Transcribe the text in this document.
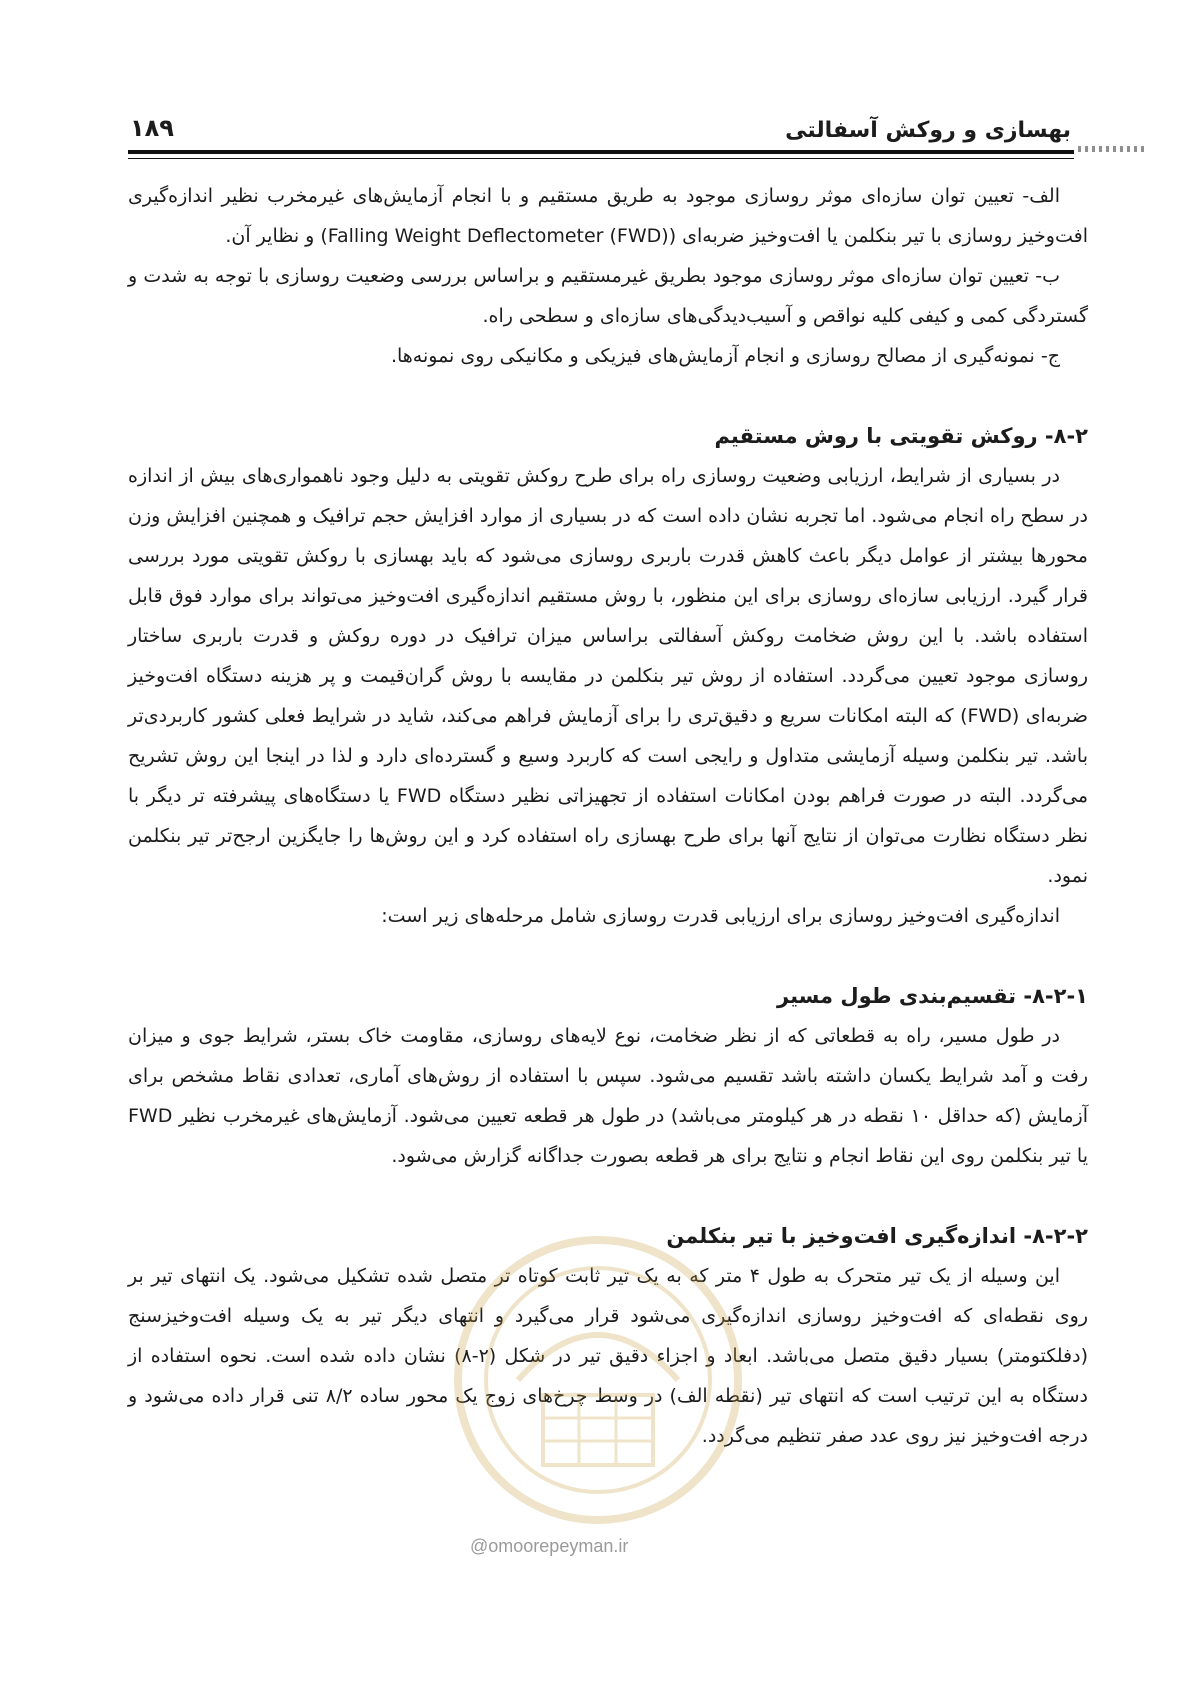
بهسازی و روکش آسفالتی
۱۸۹

الف- تعیین توان سازه‌ای موثر روسازی موجود به طریق مستقیم و با انجام آزمایش‌های غیرمخرب نظیر اندازه‌گیری افت‌وخیز روسازی با تیر بنکلمن یا افت‌وخیز ضربه‌ای (Falling Weight Deflectometer (FWD)) و نظایر آن.

ب- تعیین توان سازه‌ای موثر روسازی موجود بطریق غیرمستقیم و براساس بررسی وضعیت روسازی با توجه به شدت و گستردگی کمی و کیفی کلیه نواقص و آسیب‌دیدگی‌های سازه‌ای و سطحی راه.

ج- نمونه‌گیری از مصالح روسازی و انجام آزمایش‌های فیزیکی و مکانیکی روی نمونه‌ها.

۸-۲- روکش تقویتی با روش مستقیم

در بسیاری از شرایط، ارزیابی وضعیت روسازی راه برای طرح روکش تقویتی به دلیل وجود ناهمواری‌های بیش از اندازه در سطح راه انجام می‌شود. اما تجربه نشان داده است که در بسیاری از موارد افزایش حجم ترافیک و همچنین افزایش وزن محورها بیشتر از عوامل دیگر باعث کاهش قدرت باربری روسازی می‌شود که باید بهسازی با روکش تقویتی مورد بررسی قرار گیرد. ارزیابی سازه‌ای روسازی برای این منظور، با روش مستقیم اندازه‌گیری افت‌وخیز می‌تواند برای موارد فوق قابل استفاده باشد. با این روش ضخامت روکش آسفالتی براساس میزان ترافیک در دوره روکش و قدرت باربری ساختار روسازی موجود تعیین می‌گردد. استفاده از روش تیر بنکلمن در مقایسه با روش گران‌قیمت و پر هزینه دستگاه افت‌وخیز ضربه‌ای (FWD) که البته امکانات سریع و دقیق‌تری را برای آزمایش فراهم می‌کند، شاید در شرایط فعلی کشور کاربردی‌تر باشد. تیر بنکلمن وسیله آزمایشی متداول و رایجی است که کاربرد وسیع و گسترده‌ای دارد و لذا در اینجا این روش تشریح می‌گردد. البته در صورت فراهم بودن امکانات استفاده از تجهیزاتی نظیر دستگاه FWD یا دستگاه‌های پیشرفته تر دیگر با نظر دستگاه نظارت می‌توان از نتایج آنها برای طرح بهسازی راه استفاده کرد و این روش‌ها را جایگزین ارجح‌تر تیر بنکلمن نمود.

اندازه‌گیری افت‌وخیز روسازی برای ارزیابی قدرت روسازی شامل مرحله‌های زیر است:

۸-۲-۱- تقسیم‌بندی طول مسیر

در طول مسیر، راه به قطعاتی که از نظر ضخامت، نوع لایه‌های روسازی، مقاومت خاک بستر، شرایط جوی و میزان رفت و آمد شرایط یکسان داشته باشد تقسیم می‌شود. سپس با استفاده از روش‌های آماری، تعدادی نقاط مشخص برای آزمایش (که حداقل ۱۰ نقطه در هر کیلومتر می‌باشد) در طول هر قطعه تعیین می‌شود. آزمایش‌های غیرمخرب نظیر FWD یا تیر بنکلمن روی این نقاط انجام و نتایج برای هر قطعه بصورت جداگانه گزارش می‌شود.

۸-۲-۲- اندازه‌گیری افت‌وخیز با تیر بنکلمن

این وسیله از یک تیر متحرک به طول ۴ متر که به یک تیر ثابت کوتاه تر متصل شده تشکیل می‌شود. یک انتهای تیر بر روی نقطه‌ای که افت‌وخیز روسازی اندازه‌گیری می‌شود قرار می‌گیرد و انتهای دیگر تیر به یک وسیله افت‌وخیزسنج (دفلکتومتر) بسیار دقیق متصل می‌باشد. ابعاد و اجزاء دقیق تیر در شکل (۲-۸) نشان داده شده است. نحوه استفاده از دستگاه به این ترتیب است که انتهای تیر (نقطه الف) در وسط چرخ‌های زوج یک محور ساده ۸/۲ تنی قرار داده می‌شود و درجه افت‌وخیز نیز روی عدد صفر تنظیم می‌گردد.

@omoorepeyman.ir
